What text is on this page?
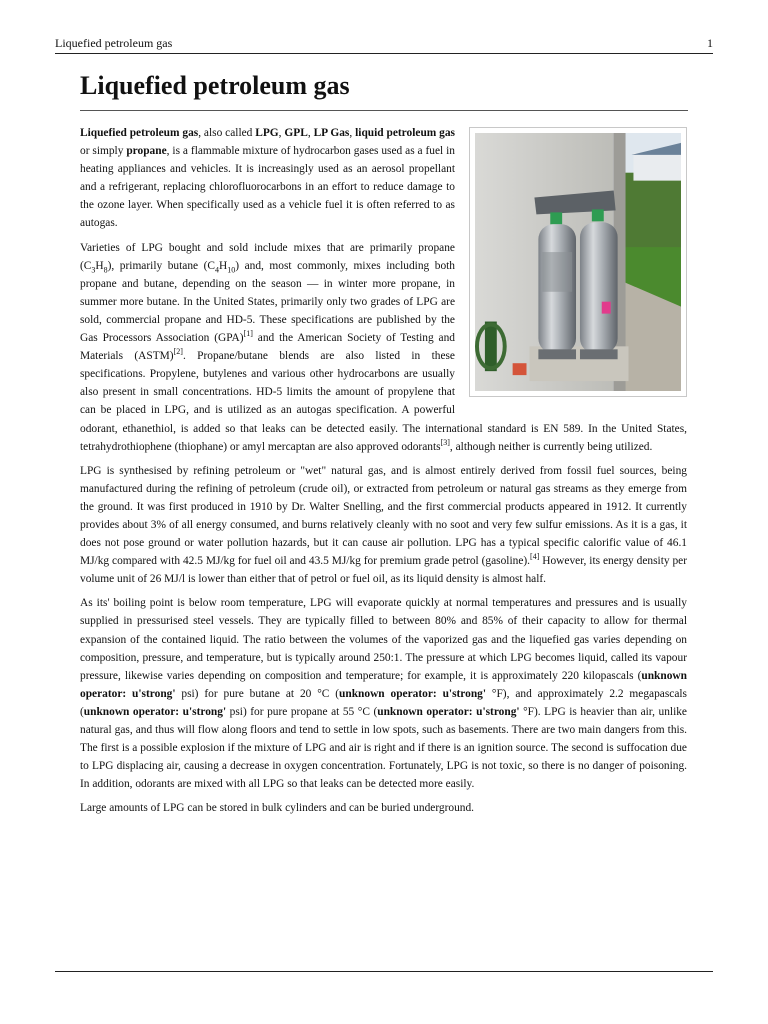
Liquefied petroleum gas	1
Liquefied petroleum gas

Liquefied petroleum gas, also called LPG, GPL, LP Gas, liquid petroleum gas or simply propane, is a flammable mixture of hydrocarbon gases used as a fuel in heating appliances and vehicles. It is increasingly used as an aerosol propellant and a refrigerant, replacing chlorofluorocarbons in an effort to reduce damage to the ozone layer. When specifically used as a vehicle fuel it is often referred to as autogas.

Varieties of LPG bought and sold include mixes that are primarily propane $(C_3H_8)$, primarily butane $(C_4H_{10})$ and, most commonly, mixes including both propane and butane, depending on the season — in winter more propane, in summer more butane. In the United States, primarily only two grades of LPG are sold, commercial propane and HD-5. These specifications are published by the Gas Processors Association (GPA)[1] and the American Society of Testing and Materials (ASTM)[2]. Propane/butane blends are also listed in these specifications. Propylene, butylenes and various other hydrocarbons are usually also present in small concentrations. HD-5 limits the amount of propylene that can be placed in LPG, and is utilized as an autogas specification. A powerful odorant, ethanethiol, is added so that leaks can be detected easily. The international standard is EN 589. In the United States, tetrahydrothiophene (thiophane) or amyl mercaptan are also approved odorants[3], although neither is currently being utilized.

LPG is synthesised by refining petroleum or "wet" natural gas, and is almost entirely derived from fossil fuel sources, being manufactured during the refining of petroleum (crude oil), or extracted from petroleum or natural gas streams as they emerge from the ground. It was first produced in 1910 by Dr. Walter Snelling, and the first commercial products appeared in 1912. It currently provides about 3% of all energy consumed, and burns relatively cleanly with no soot and very few sulfur emissions. As it is a gas, it does not pose ground or water pollution hazards, but it can cause air pollution. LPG has a typical specific calorific value of 46.1 MJ/kg compared with 42.5 MJ/kg for fuel oil and 43.5 MJ/kg for premium grade petrol (gasoline).[4] However, its energy density per volume unit of 26 MJ/l is lower than either that of petrol or fuel oil, as its liquid density is almost half.

As its' boiling point is below room temperature, LPG will evaporate quickly at normal temperatures and pressures and is usually supplied in pressurised steel vessels. They are typically filled to between 80% and 85% of their capacity to allow for thermal expansion of the contained liquid. The ratio between the volumes of the vaporized gas and the liquefied gas varies depending on composition, pressure, and temperature, but is typically around 250:1. The pressure at which LPG becomes liquid, called its vapour pressure, likewise varies depending on composition and temperature; for example, it is approximately 220 kilopascals (unknown operator: u'strong' psi) for pure butane at 20 °C (unknown operator: u'strong' °F), and approximately 2.2 megapascals (unknown operator: u'strong' psi) for pure propane at 55 °C (unknown operator: u'strong' °F). LPG is heavier than air, unlike natural gas, and thus will flow along floors and tend to settle in low spots, such as basements. There are two main dangers from this. The first is a possible explosion if the mixture of LPG and air is right and if there is an ignition source. The second is suffocation due to LPG displacing air, causing a decrease in oxygen concentration. Fortunately, LPG is not toxic, so there is no danger of poisoning. In addition, odorants are mixed with all LPG so that leaks can be detected more easily.

Large amounts of LPG can be stored in bulk cylinders and can be buried underground.
